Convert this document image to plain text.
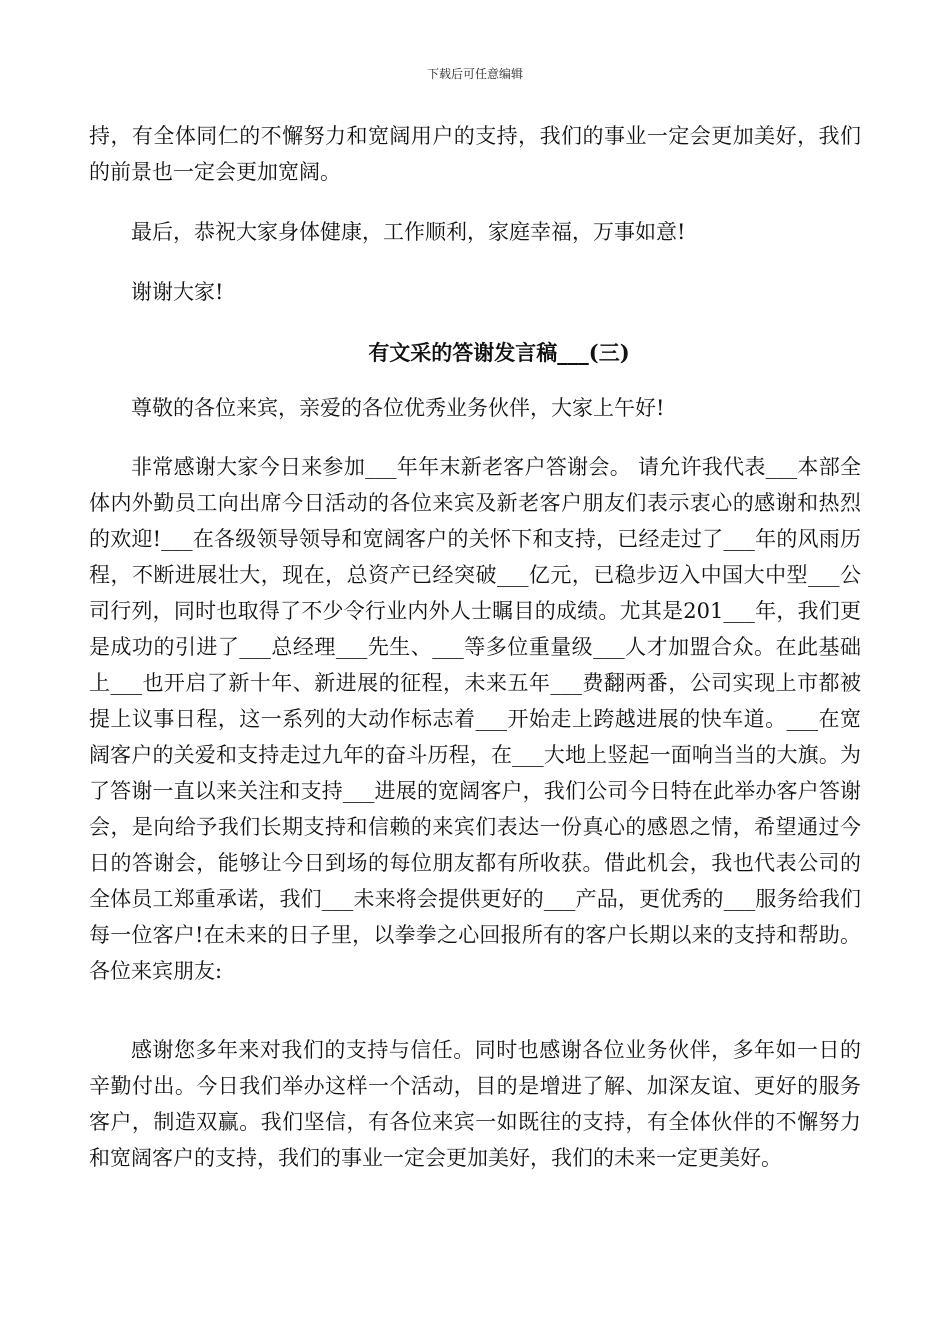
下载后可任意编辑

持，有全体同仁的不懈努力和宽阔用户的支持，我们的事业一定会更加美好，我们的前景也一定会更加宽阔。

最后，恭祝大家身体健康，工作顺利，家庭幸福，万事如意!

谢谢大家!

有文采的答谢发言稿___(三)

尊敬的各位来宾，亲爱的各位优秀业务伙伴，大家上午好!

非常感谢大家今日来参加___年年末新老客户答谢会。 请允许我代表___本部全体内外勤员工向出席今日活动的各位来宾及新老客户朋友们表示衷心的感谢和热烈的欢迎!___在各级领导领导和宽阔客户的关怀下和支持，已经走过了___年的风雨历程，不断进展壮大，现在，总资产已经突破___亿元，已稳步迈入中国大中型___公司行列，同时也取得了不少令行业内外人士瞩目的成绩。尤其是201___年，我们更是成功的引进了___总经理___先生、___等多位重量级___人才加盟合众。在此基础上___也开启了新十年、新进展的征程，未来五年___费翻两番，公司实现上市都被提上议事日程，这一系列的大动作标志着___开始走上跨越进展的快车道。___在宽阔客户的关爱和支持走过九年的奋斗历程，在___大地上竖起一面响当当的大旗。为了答谢一直以来关注和支持___进展的宽阔客户，我们公司今日特在此举办客户答谢会，是向给予我们长期支持和信赖的来宾们表达一份真心的感恩之情，希望通过今日的答谢会，能够让今日到场的每位朋友都有所收获。借此机会，我也代表公司的全体员工郑重承诺，我们___未来将会提供更好的___产品，更优秀的___服务给我们每一位客户!在未来的日子里，以拳拳之心回报所有的客户长期以来的支持和帮助。 各位来宾朋友:

感谢您多年来对我们的支持与信任。同时也感谢各位业务伙伴，多年如一日的辛勤付出。今日我们举办这样一个活动，目的是增进了解、加深友谊、更好的服务客户，制造双赢。我们坚信，有各位来宾一如既往的支持，有全体伙伴的不懈努力和宽阔客户的支持，我们的事业一定会更加美好，我们的未来一定更美好。
